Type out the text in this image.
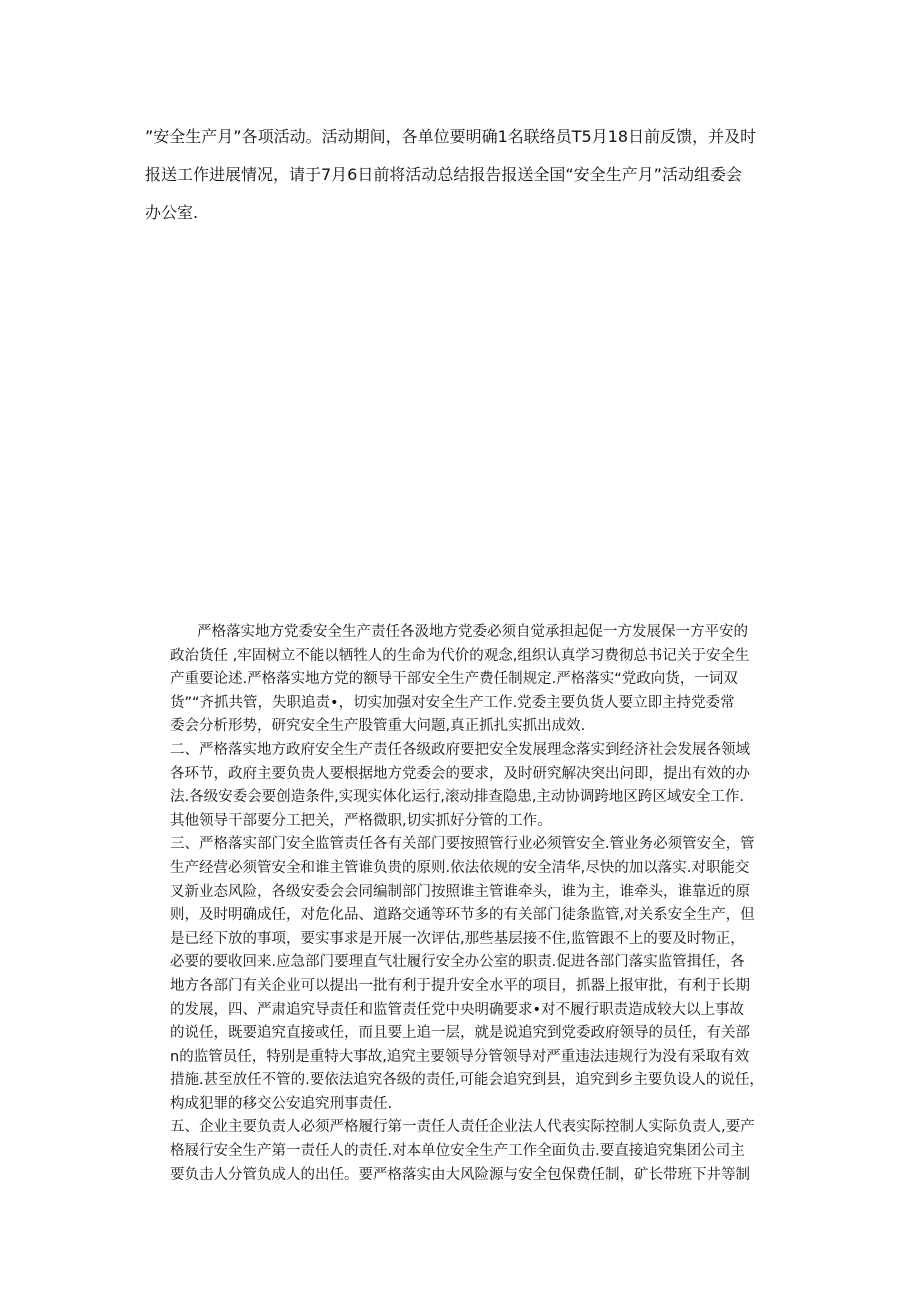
”安全生产月”各项活动。活动期间，各单位要明确1名联络员T5月18日前反馈，并及时

报送工作进展情况，请于7月6日前将活动总结报告报送全国“安全生产月”活动组委会

办公室.

严格落实地方党委安全生产责任各汲地方党委必须自觉承担起促一方发展保一方平安的

政治货任 ,牢固树立不能以牺牲人的生命为代价的观念,组织认真学习费彻总书记关于安全生

产重要论述.严格落实地方党的额导干部安全生产费任制规定.严格落实“党政向货，一词双

货”“齐抓共管，失职追责•，切实加强对安全生产工作.党委主要负货人要立即主持党委常

委会分析形势，研究安全生产股管重大问题,真正抓扎实抓出成效.

二、严格落实地方政府安全生产责任各级政府要把安全发展理念落实到经济社会发展各领域

各环节，政府主要负贵人要根据地方党委会的要求，及时研究解决突出问即，提出有效的办

法.各级安委会要创造条件,实现实体化运行,滚动排查隐患,主动协调跨地区跨区域安全工作.

其他领导干部要分工把关，严格微职,切实抓好分管的工作。

三、严格落实部门安全监管责任各有关部门要按照管行业必须管安全.管业务必须管安全，管

生产经营必须管安全和谁主管谁负贵的原则.依法依规的安全清华,尽快的加以落实.对职能交

叉新业态风险，各级安委会会同编制部门按照谁主管谁牵头，谁为主，谁牵头，谁靠近的原

则，及时明确成任，对危化品、道路交通等环节多的有关部门徒条监管,对关系安全生产，但

是已经下放的事项，要实事求是开展一次评估,那些基层接不住,监管跟不上的要及时物正，

必要的要收回来.应急部门要理直气壮履行安全办公室的职责.促进各部门落实监管揖任，各

地方各部门有关企业可以提出一批有利于提升安全水平的项目，抓器上报审批，有利于长期

的发展，四、严肃追究导责任和监管责任党中央明确要求•对不履行职责造成较大以上事故

的说任，既要追究直接或任，而且要上追一层，就是说追究到党委政府领导的员任，有关部

n的监管员任，特别是重特大事故,追究主要领导分管领导对严重违法违规行为没有采取有效

措施.甚至放任不管的.要依法追究各级的责任,可能会追究到县，追究到乡主要负设人的说任，

构成犯罪的移交公安追究刑事责任.

五、企业主要负责人必须严格履行第一责任人责任企业法人代表实际控制人实际负责人,要产

格屐行安全生产第一责任人的责任.对本单位安全生产工作全面负击.要直接追究集团公司主

要负击人分管负成人的出任。要严格落实由大风险源与安全包保费任制，矿长带班下井等制
